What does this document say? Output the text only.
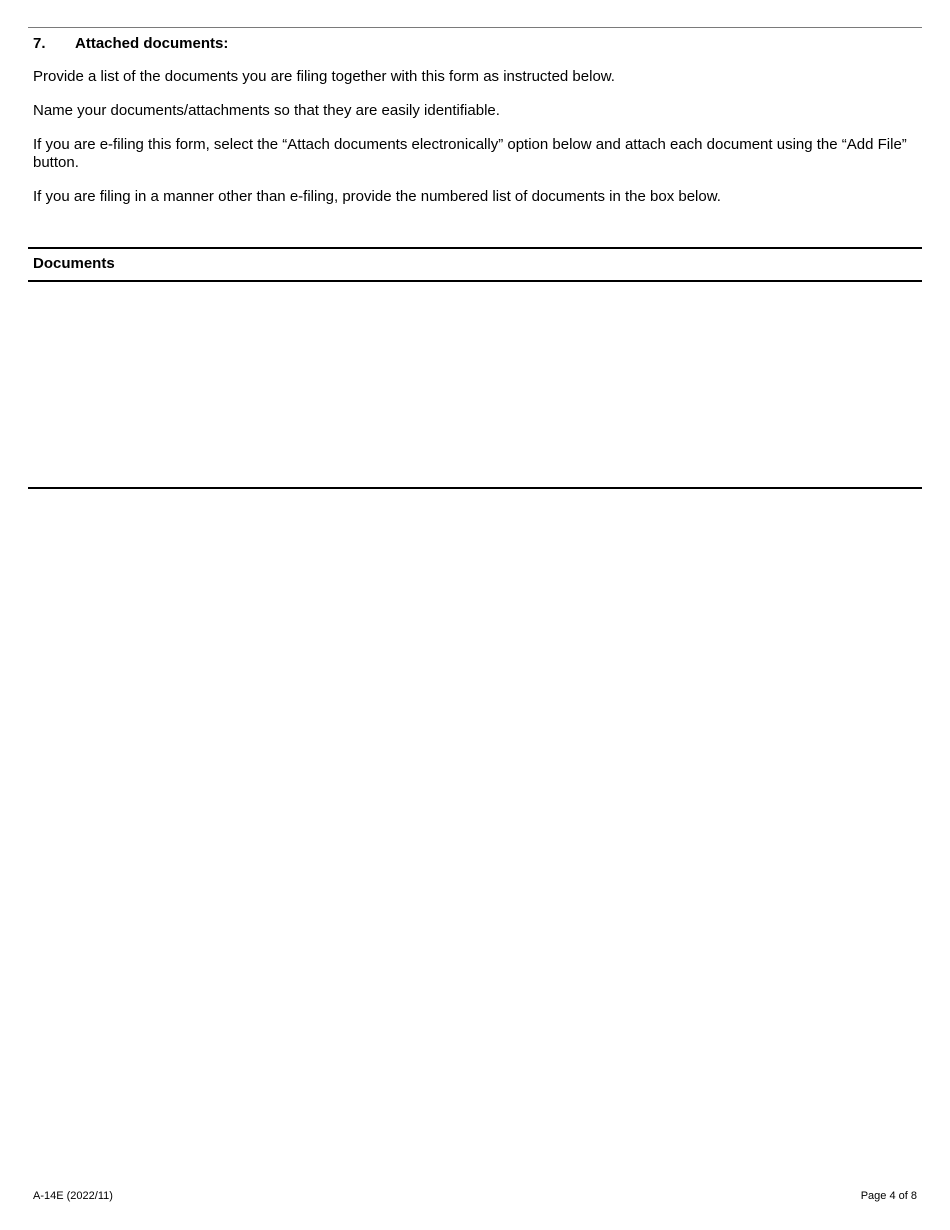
7. Attached documents:

Provide a list of the documents you are filing together with this form as instructed below.

Name your documents/attachments so that they are easily identifiable.

If you are e-filing this form, select the “Attach documents electronically” option below and attach each document using the “Add File” button.

If you are filing in a manner other than e-filing, provide the numbered list of documents in the box below.

Documents
A-14E (2022/11)	Page 4 of 8
